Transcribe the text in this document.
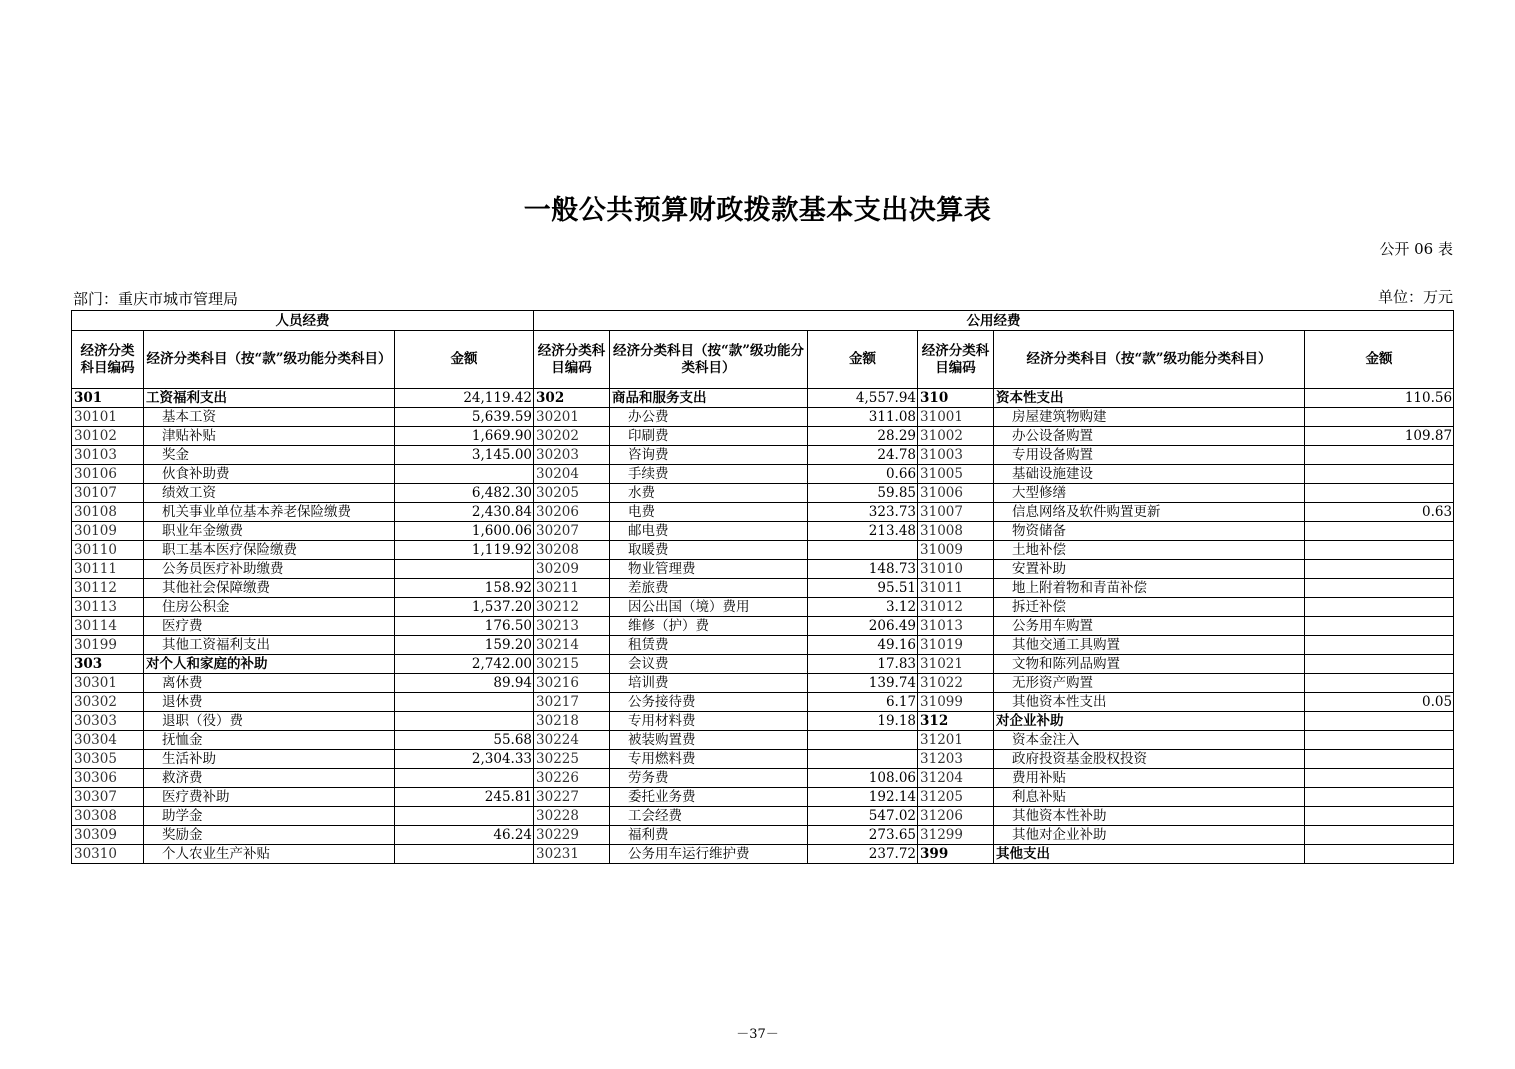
一般公共预算财政拨款基本支出决算表
公开 06 表
部门：重庆市城市管理局	单位：万元
人员经费			公用经费					
经济分类科目编码	经济分类科目（按“款”级功能分类科目）	金额	经济分类科目编码	经济分类科目（按“款”级功能分类科目）	金额	经济分类科目编码	经济分类科目（按“款”级功能分类科目）	金额
301	工资福利支出	24,119.42	302	商品和服务支出	4,557.94	310	资本性支出	110.56
30101	基本工资	5,639.59	30201	办公费	311.08	31001	房屋建筑物购建	
30102	津贴补贴	1,669.90	30202	印刷费	28.29	31002	办公设备购置	109.87
30103	奖金	3,145.00	30203	咨询费	24.78	31003	专用设备购置	
30106	伙食补助费		30204	手续费	0.66	31005	基础设施建设	
30107	绩效工资	6,482.30	30205	水费	59.85	31006	大型修缮	
30108	机关事业单位基本养老保险缴费	2,430.84	30206	电费	323.73	31007	信息网络及软件购置更新	0.63
30109	职业年金缴费	1,600.06	30207	邮电费	213.48	31008	物资储备	
30110	职工基本医疗保险缴费	1,119.92	30208	取暖费		31009	土地补偿	
30111	公务员医疗补助缴费		30209	物业管理费	148.73	31010	安置补助	
30112	其他社会保障缴费	158.92	30211	差旅费	95.51	31011	地上附着物和青苗补偿	
30113	住房公积金	1,537.20	30212	因公出国（境）费用	3.12	31012	拆迁补偿	
30114	医疗费	176.50	30213	维修（护）费	206.49	31013	公务用车购置	
30199	其他工资福利支出	159.20	30214	租赁费	49.16	31019	其他交通工具购置	
303	对个人和家庭的补助	2,742.00	30215	会议费	17.83	31021	文物和陈列品购置	
30301	离休费	89.94	30216	培训费	139.74	31022	无形资产购置	
30302	退休费		30217	公务接待费	6.17	31099	其他资本性支出	0.05
30303	退职（役）费		30218	专用材料费	19.18	312	对企业补助	
30304	抚恤金	55.68	30224	被装购置费		31201	资本金注入	
30305	生活补助	2,304.33	30225	专用燃料费		31203	政府投资基金股权投资	
30306	救济费		30226	劳务费	108.06	31204	费用补贴	
30307	医疗费补助	245.81	30227	委托业务费	192.14	31205	利息补贴	
30308	助学金		30228	工会经费	547.02	31206	其他资本性补助	
30309	奖励金	46.24	30229	福利费	273.65	31299	其他对企业补助	
30310	个人农业生产补贴		30231	公务用车运行维护费	237.72	399	其他支出	
－37－
